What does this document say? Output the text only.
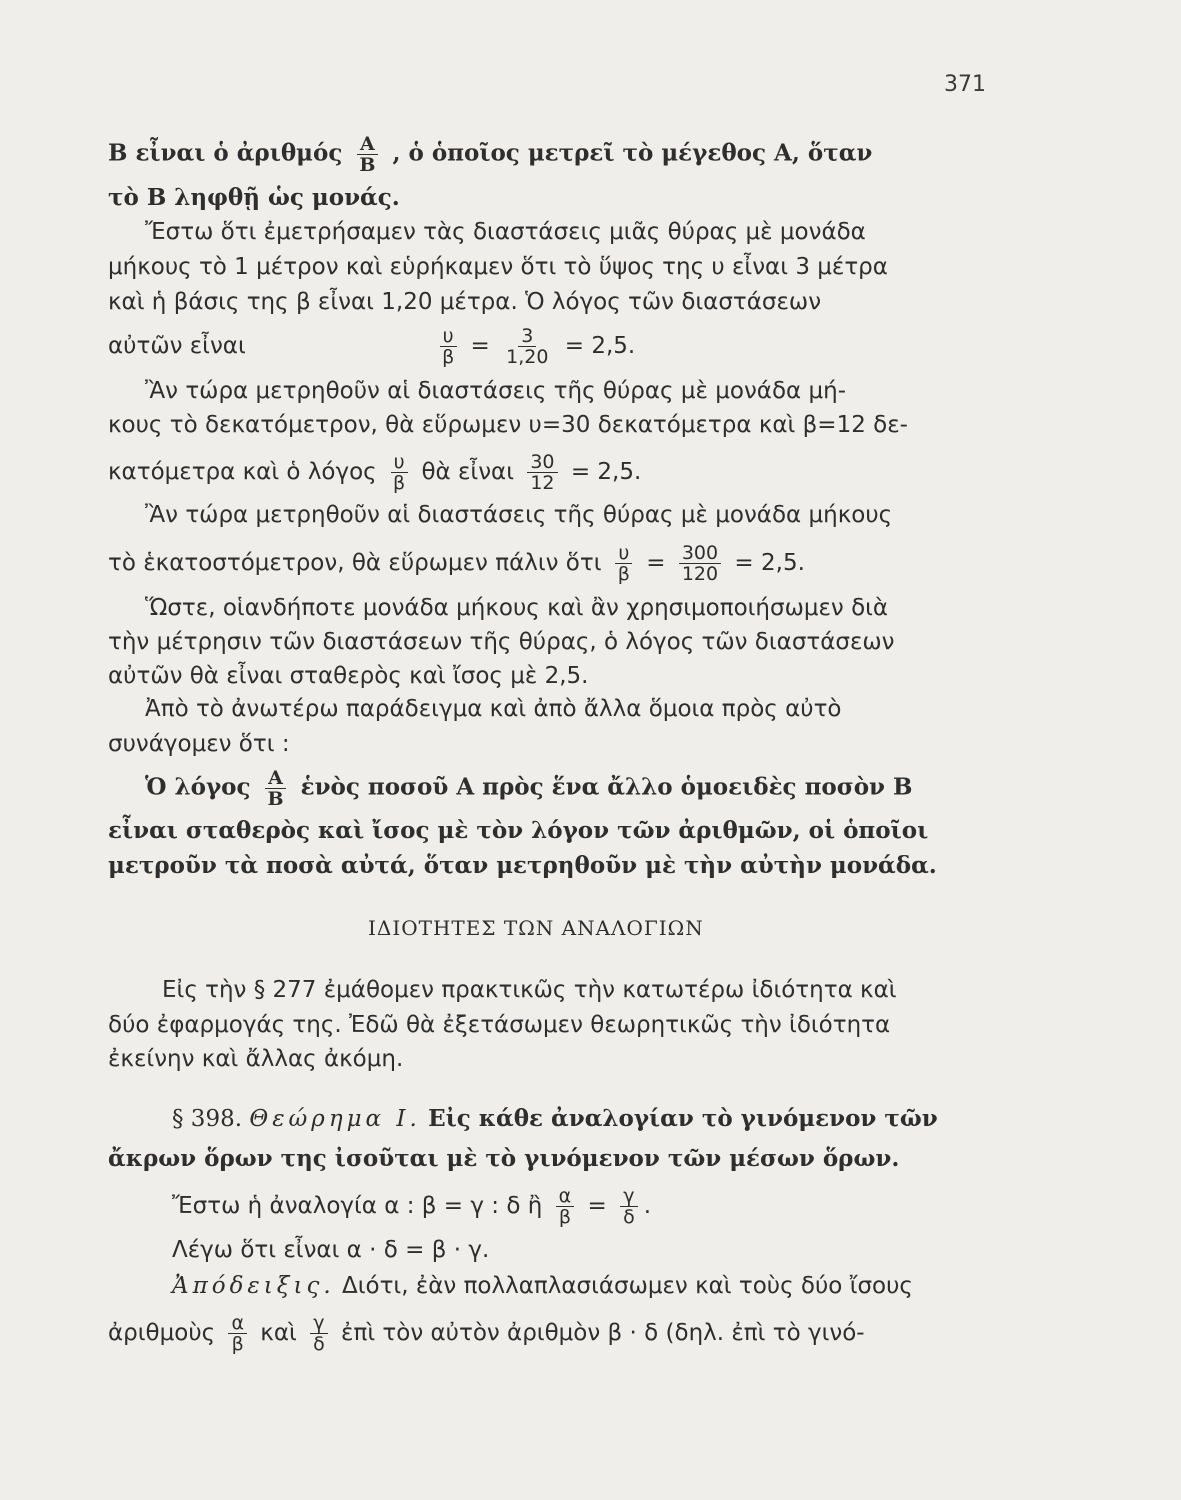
371
Β εἶναι ὁ ἀριθμός $\frac{A}{B}$ , ὁ ὁποῖος μετρεῖ τὸ μέγεθος Α, ὅταν
τὸ Β ληφθῇ ὡς μονάς.
Ἔστω ὅτι ἐμετρήσαμεν τὰς διαστάσεις μιᾶς θύρας μὲ μονάδα
μήκους τὸ 1 μέτρον καὶ εὑρήκαμεν ὅτι τὸ ὕψος της υ εἶναι 3 μέτρα
καὶ ἡ βάσις της β εἶναι 1,20 μέτρα. Ὁ λόγος τῶν διαστάσεων
αὐτῶν εἶναι	$\frac{\upsilon}{\beta} = \frac{3}{1,20} = 2,5$.
Ἂν τώρα μετρηθοῦν αἱ διαστάσεις τῆς θύρας μὲ μονάδα μή-
κους τὸ δεκατόμετρον, θὰ εὕρωμεν υ=30 δεκατόμετρα καὶ β=12 δε-
κατόμετρα καὶ ὁ λόγος $\frac{\upsilon}{\beta}$ θὰ εἶναι $\frac{30}{12} = 2,5$.
Ἂν τώρα μετρηθοῦν αἱ διαστάσεις τῆς θύρας μὲ μονάδα μήκους
τὸ ἑκατοστόμετρον, θὰ εὕρωμεν πάλιν ὅτι $\frac{\upsilon}{\beta} = \frac{300}{120} = 2,5$.
Ὥστε, οἱανδήποτε μονάδα μήκους καὶ ἂν χρησιμοποιήσωμεν διὰ
τὴν μέτρησιν τῶν διαστάσεων τῆς θύρας, ὁ λόγος τῶν διαστάσεων
αὐτῶν θὰ εἶναι σταθερὸς καὶ ἴσος μὲ 2,5.
Ἀπὸ τὸ ἀνωτέρω παράδειγμα καὶ ἀπὸ ἄλλα ὅμοια πρὸς αὐτὸ
συνάγομεν ὅτι :
Ὁ λόγος $\frac{A}{B}$ ἑνὸς ποσοῦ Α πρὸς ἕνα ἄλλο ὁμοειδὲς ποσὸν Β
εἶναι σταθερὸς καὶ ἴσος μὲ τὸν λόγον τῶν ἀριθμῶν, οἱ ὁποῖοι
μετροῦν τὰ ποσὰ αὐτά, ὅταν μετρηθοῦν μὲ τὴν αὐτὴν μονάδα.
ΙΔΙΟΤΗΤΕΣ ΤΩΝ ΑΝΑΛΟΓΙΩΝ
Εἰς τὴν § 277 ἐμάθομεν πρακτικῶς τὴν κατωτέρω ἰδιότητα καὶ
δύο ἐφαρμογάς της. Ἐδῶ θὰ ἐξετάσωμεν θεωρητικῶς τὴν ἰδιότητα
ἐκείνην καὶ ἄλλας ἀκόμη.
§ 398. Θεώρημα Ι. Εἰς κάθε ἀναλογίαν τὸ γινόμενον τῶν
ἄκρων ὅρων της ἰσοῦται μὲ τὸ γινόμενον τῶν μέσων ὅρων.
Ἔστω ἡ ἀναλογία α : β = γ : δ ἢ $\frac{\alpha}{\beta} = \frac{\gamma}{\delta}$ .
Λέγω ὅτι εἶναι α · δ = β · γ.
Ἀπόδειξις. Διότι, ἐὰν πολλαπλασιάσωμεν καὶ τοὺς δύο ἴσους
ἀριθμοὺς $\frac{\alpha}{\beta}$ καὶ $\frac{\gamma}{\delta}$ ἐπὶ τὸν αὐτὸν ἀριθμὸν β · δ (δηλ. ἐπὶ τὸ γινό-
